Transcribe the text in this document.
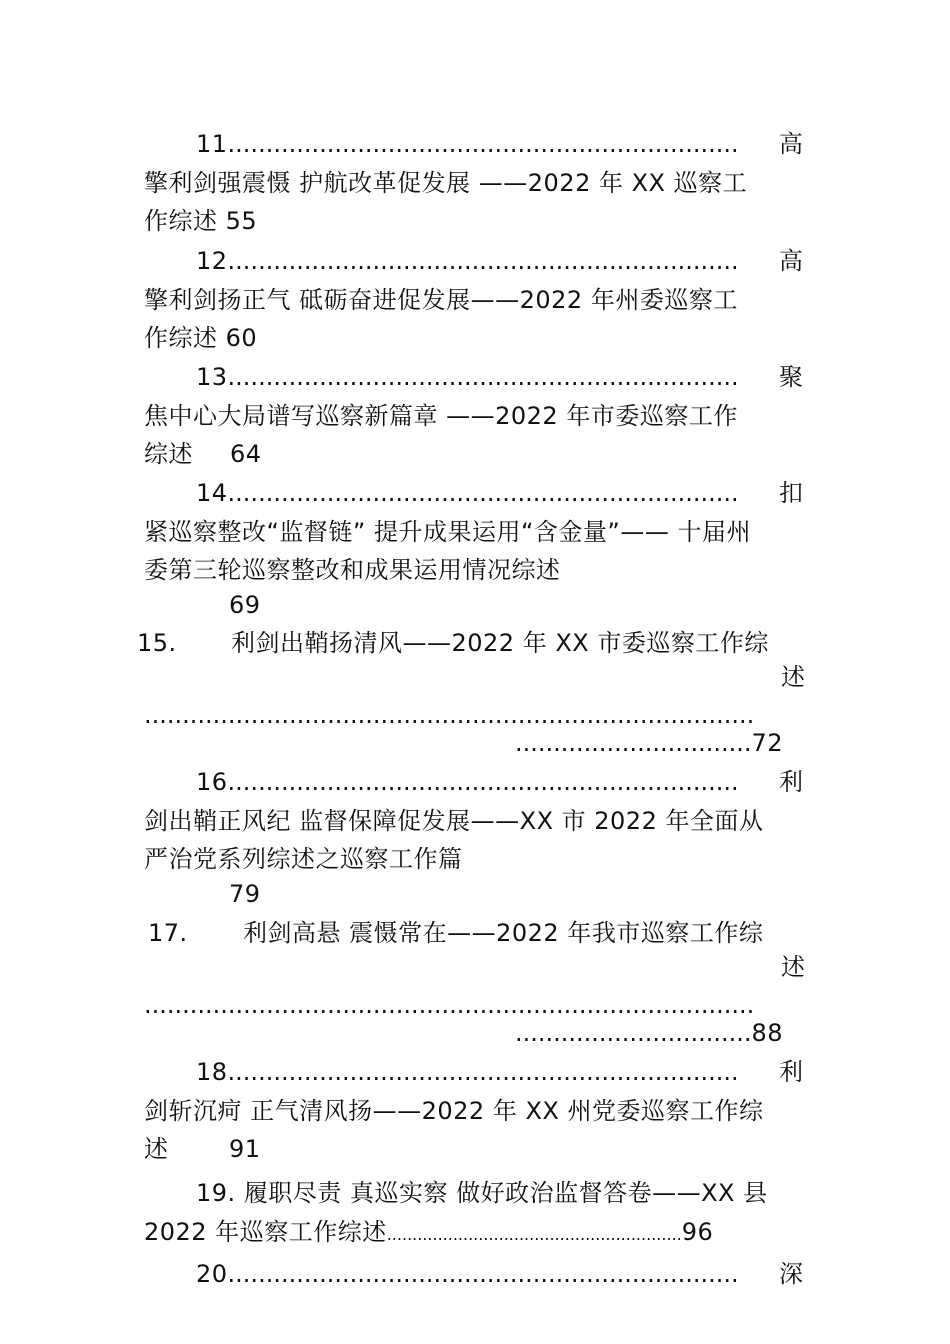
11................................................................... 高
擎利剑强震慑 护航改革促发展 ——2022 年 XX 巡察工
作综述 55
12................................................................... 高
擎利剑扬正气 砥砺奋进促发展——2022 年州委巡察工
作综述 60
13................................................................... 聚
焦中心大局谱写巡察新篇章 ——2022 年市委巡察工作
综述 64
14................................................................... 扣
紧巡察整改“监督链” 提升成果运用“含金量”—— 十届州
委第三轮巡察整改和成果运用情况综述
69
15. 利剑出鞘扬清风——2022 年 XX 市委巡察工作综
述
................................................................................
...............................72
16................................................................... 利
剑出鞘正风纪 监督保障促发展——XX 市 2022 年全面从
严治党系列综述之巡察工作篇
79
17. 利剑高悬 震慑常在——2022 年我市巡察工作综
述
................................................................................
...............................88
18................................................................... 利
剑斩沉疴 正气清风扬——2022 年 XX 州党委巡察工作综
述	91
19. 履职尽责 真巡实察 做好政治监督答卷——XX 县
2022 年巡察工作综述..........................................................96
20................................................................... 深
